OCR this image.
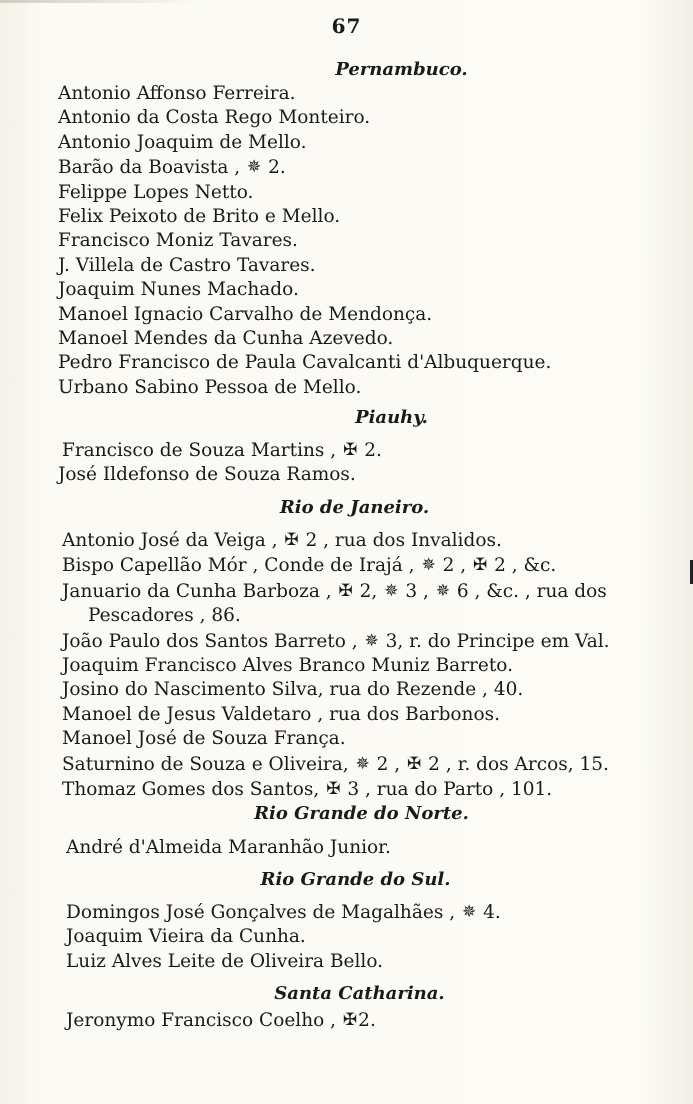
67
Pernambuco.
Antonio Affonso Ferreira.
Antonio da Costa Rego Monteiro.
Antonio Joaquim de Mello.
Barão da Boavista , ✵ 2.
Felippe Lopes Netto.
Felix Peixoto de Brito e Mello.
Francisco Moniz Tavares.
J. Villela de Castro Tavares.
Joaquim Nunes Machado.
Manoel Ignacio Carvalho de Mendonça.
Manoel Mendes da Cunha Azevedo.
Pedro Francisco de Paula Cavalcanti d'Albuquerque.
Urbano Sabino Pessoa de Mello.
Piauhy.
Francisco de Souza Martins , ✠ 2.
José Ildefonso de Souza Ramos.
Rio de Janeiro.
Antonio José da Veiga , ✠ 2 , rua dos Invalidos.
Bispo Capellão Mór , Conde de Irajá , ✵ 2 , ✠ 2 , &c.
Januario da Cunha Barboza , ✠ 2, ✵ 3 , ✵ 6 , &c. , rua dos
Pescadores , 86.
João Paulo dos Santos Barreto , ✵ 3, r. do Principe em Val.
Joaquim Francisco Alves Branco Muniz Barreto.
Josino do Nascimento Silva, rua do Rezende , 40.
Manoel de Jesus Valdetaro , rua dos Barbonos.
Manoel José de Souza França.
Saturnino de Souza e Oliveira, ✵ 2 , ✠ 2 , r. dos Arcos, 15.
Thomaz Gomes dos Santos, ✠ 3 , rua do Parto , 101.
Rio Grande do Norte.
André d'Almeida Maranhão Junior.
Rio Grande do Sul.
Domingos José Gonçalves de Magalhães , ✵ 4.
Joaquim Vieira da Cunha.
Luiz Alves Leite de Oliveira Bello.
Santa Catharina.
Jeronymo Francisco Coelho , ✠2.
